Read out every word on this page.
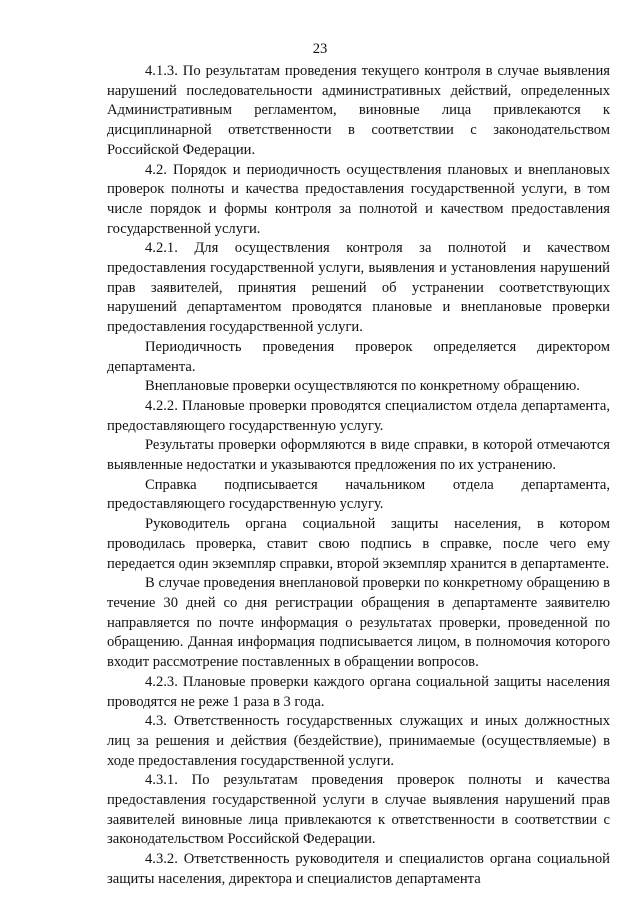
23

4.1.3. По результатам проведения текущего контроля в случае выявления нарушений последовательности административных действий, определенных Административным регламентом, виновные лица привлекаются к дисциплинарной ответственности в соответствии с законодательством Российской Федерации.

4.2. Порядок и периодичность осуществления плановых и внеплановых проверок полноты и качества предоставления государственной услуги, в том числе порядок и формы контроля за полнотой и качеством предоставления государственной услуги.

4.2.1. Для осуществления контроля за полнотой и качеством предоставления государственной услуги, выявления и установления нарушений прав заявителей, принятия решений об устранении соответствующих нарушений департаментом проводятся плановые и внеплановые проверки предоставления государственной услуги.

Периодичность проведения проверок определяется директором департамента.

Внеплановые проверки осуществляются по конкретному обращению.

4.2.2. Плановые проверки проводятся специалистом отдела департамента, предоставляющего государственную услугу.

Результаты проверки оформляются в виде справки, в которой отмечаются выявленные недостатки и указываются предложения по их устранению.

Справка подписывается начальником отдела департамента, предоставляющего государственную услугу.

Руководитель органа социальной защиты населения, в котором проводилась проверка, ставит свою подпись в справке, после чего ему передается один экземпляр справки, второй экземпляр хранится в департаменте.

В случае проведения внеплановой проверки по конкретному обращению в течение 30 дней со дня регистрации обращения в департаменте заявителю направляется по почте информация о результатах проверки, проведенной по обращению. Данная информация подписывается лицом, в полномочия которого входит рассмотрение поставленных в обращении вопросов.

4.2.3. Плановые проверки каждого органа социальной защиты населения проводятся не реже 1 раза в 3 года.

4.3. Ответственность государственных служащих и иных должностных лиц за решения и действия (бездействие), принимаемые (осуществляемые) в ходе предоставления государственной услуги.

4.3.1. По результатам проведения проверок полноты и качества предоставления государственной услуги в случае выявления нарушений прав заявителей виновные лица привлекаются к ответственности в соответствии с законодательством Российской Федерации.

4.3.2. Ответственность руководителя и специалистов органа социальной защиты населения, директора и специалистов департамента
